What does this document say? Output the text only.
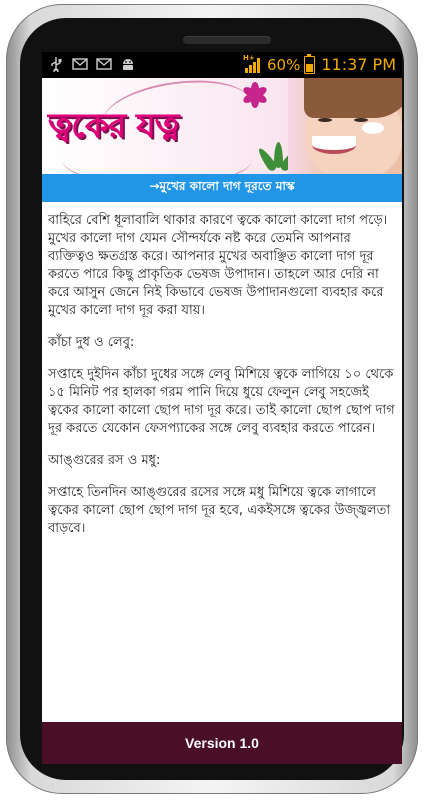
H+ 60% 11:37 PM
ত্বকের যত্ন
→মুখের কালো দাগ দূরতে মাস্ক

বাহিরে বেশি ধূলাবালি থাকার কারণে ত্বকে কালো কালো দাগ পড়ে। মুখের কালো দাগ যেমন সৌন্দর্যকে নষ্ট করে তেমনি আপনার ব্যক্তিত্বও ক্ষতগ্রস্ত করে। আপনার মুখের অবাঞ্ছিত কালো দাগ দূর করতে পারে কিছু প্রাকৃতিক ভেষজ উপাদান। তাহলে আর দেরি না করে আসুন জেনে নিই কিভাবে ভেষজ উপাদানগুলো ব্যবহার করে মুখের কালো দাগ দূর করা যায়।

কাঁচা দুধ ও লেবু:

সপ্তাহে দুইদিন কাঁচা দুধের সঙ্গে লেবু মিশিয়ে ত্বকে লাগিয়ে ১০ থেকে ১৫ মিনিট পর হালকা গরম পানি দিয়ে ধুয়ে ফেলুন লেবু সহজেই ত্বকের কালো কালো ছোপ দাগ দূর করে। তাই কালো ছোপ ছোপ দাগ দূর করতে যেকোন ফেসপ্যাকের সঙ্গে লেবু ব্যবহার করতে পারেন।

আঙ্গুরের রস ও মধু:

সপ্তাহে তিনদিন আঙ্গুরের রসের সঙ্গে মধু মিশিয়ে ত্বকে লাগালে ত্বকের কালো ছোপ ছোপ দাগ দূর হবে, একইসঙ্গে ত্বকের উজ্জ্বলতা বাড়বে।

Version 1.0
